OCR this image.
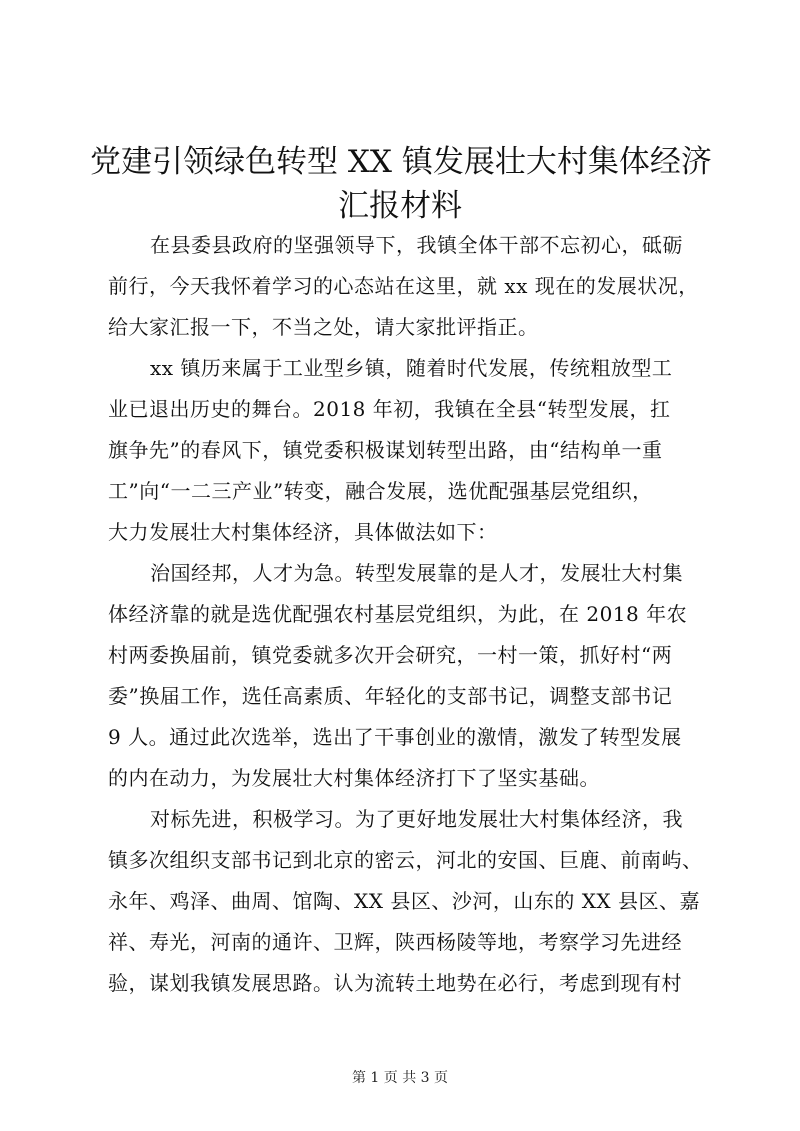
党建引领绿色转型 XX 镇发展壮大村集体经济
汇报材料

在县委县政府的坚强领导下，我镇全体干部不忘初心，砥砺
前行，今天我怀着学习的心态站在这里，就 xx 现在的发展状况，
给大家汇报一下，不当之处，请大家批评指正。

xx 镇历来属于工业型乡镇，随着时代发展，传统粗放型工
业已退出历史的舞台。2018 年初，我镇在全县“转型发展，扛
旗争先”的春风下，镇党委积极谋划转型出路，由“结构单一重
工”向“一二三产业”转变，融合发展，选优配强基层党组织，
大力发展壮大村集体经济，具体做法如下：

治国经邦，人才为急。转型发展靠的是人才，发展壮大村集
体经济靠的就是选优配强农村基层党组织，为此，在 2018 年农
村两委换届前，镇党委就多次开会研究，一村一策，抓好村“两
委”换届工作，选任高素质、年轻化的支部书记，调整支部书记
9 人。通过此次选举，选出了干事创业的激情，激发了转型发展
的内在动力，为发展壮大村集体经济打下了坚实基础。

对标先进，积极学习。为了更好地发展壮大村集体经济，我
镇多次组织支部书记到北京的密云，河北的安国、巨鹿、前南屿、
永年、鸡泽、曲周、馆陶、XX 县区、沙河，山东的 XX 县区、嘉
祥、寿光，河南的通许、卫辉，陕西杨陵等地，考察学习先进经
验，谋划我镇发展思路。认为流转土地势在必行，考虑到现有村

第 1 页 共 3 页
